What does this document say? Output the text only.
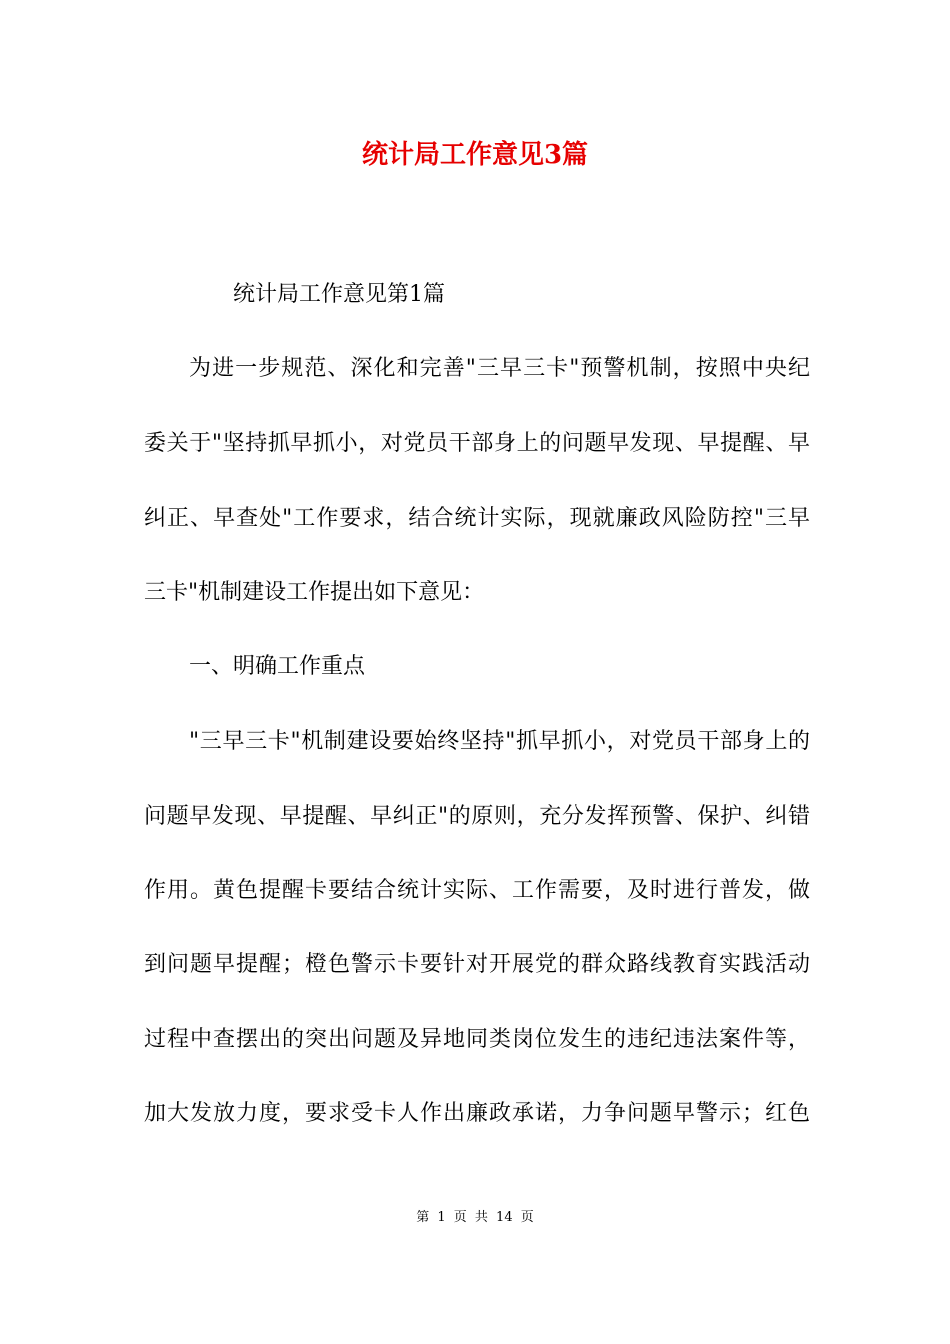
统计局工作意见3篇
统计局工作意见第1篇
为进一步规范、深化和完善"三早三卡"预警机制，按照中央纪
委关于"坚持抓早抓小，对党员干部身上的问题早发现、早提醒、早
纠正、早查处"工作要求，结合统计实际，现就廉政风险防控"三早
三卡"机制建设工作提出如下意见：
一、明确工作重点
"三早三卡"机制建设要始终坚持"抓早抓小，对党员干部身上的
问题早发现、早提醒、早纠正"的原则，充分发挥预警、保护、纠错
作用。黄色提醒卡要结合统计实际、工作需要，及时进行普发，做
到问题早提醒；橙色警示卡要针对开展党的群众路线教育实践活动
过程中查摆出的突出问题及异地同类岗位发生的违纪违法案件等，
加大发放力度，要求受卡人作出廉政承诺，力争问题早警示；红色
第 1 页 共 14 页
